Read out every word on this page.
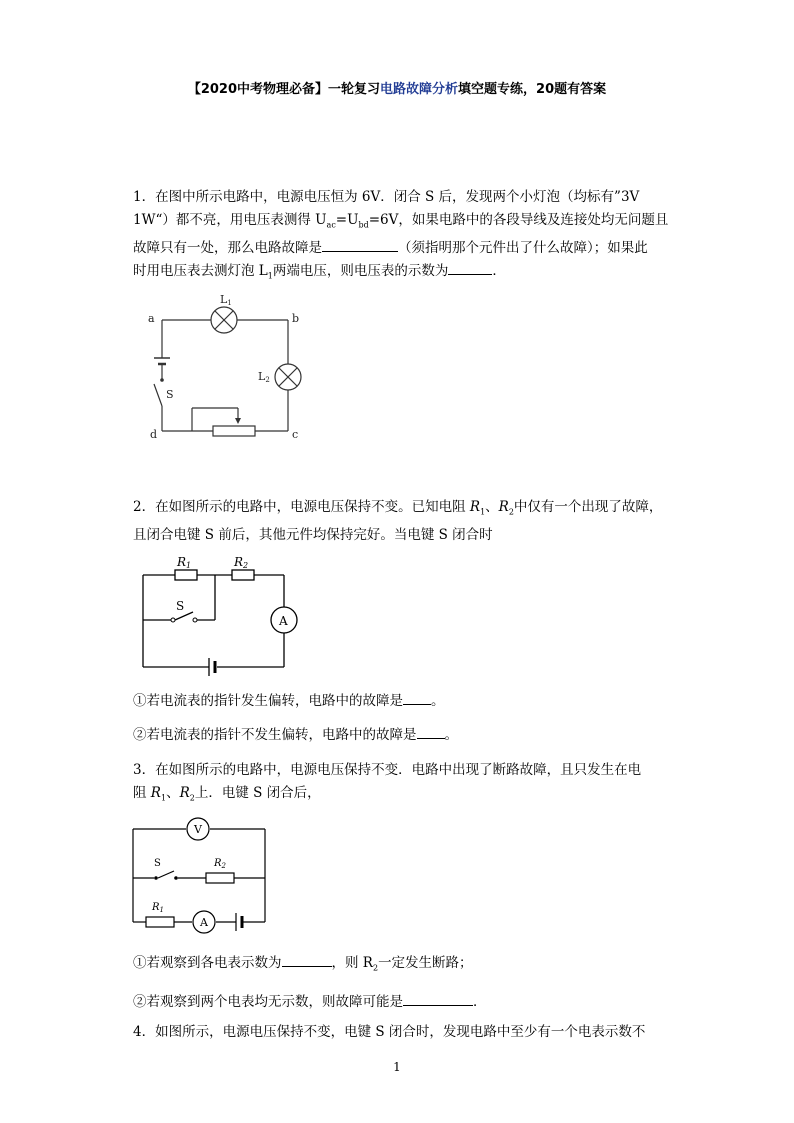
【2020中考物理必备】一轮复习电路故障分析填空题专练，20题有答案
1．在图中所示电路中，电源电压恒为 6V．闭合 S 后，发现两个小灯泡（均标有”3V
1W“）都不亮，用电压表测得 $U_{ac}=U_{bd}=6V$，如果电路中的各段导线及连接处均无问题且
故障只有一处，那么电路故障是	（须指明那个元件出了什么故障）；如果此
时用电压表去测灯泡 $L_1$两端电压，则电压表的示数为	．
a	b
c
d
L1
L2
S
2．在如图所示的电路中，电源电压保持不变。已知电阻 $R_1$、$R_2$中仅有一个出现了故障，
且闭合电键 S 前后，其他元件均保持完好。当电键 S 闭合时
R1	R2
S
A
①若电流表的指针发生偏转，电路中的故障是 。
②若电流表的指针不发生偏转，电路中的故障是 。
3．在如图所示的电路中，电源电压保持不变．电路中出现了断路故障，且只发生在电
阻 $R_1$、$R_2$上．电键 S 闭合后，
V
S	$R_2$
$R_1$
A
①若观察到各电表示数为	，则 $R_2$一定发生断路；
②若观察到两个电表均无示数，则故障可能是	．
4．如图所示，电源电压保持不变，电键 S 闭合时，发现电路中至少有一个电表示数不
1
